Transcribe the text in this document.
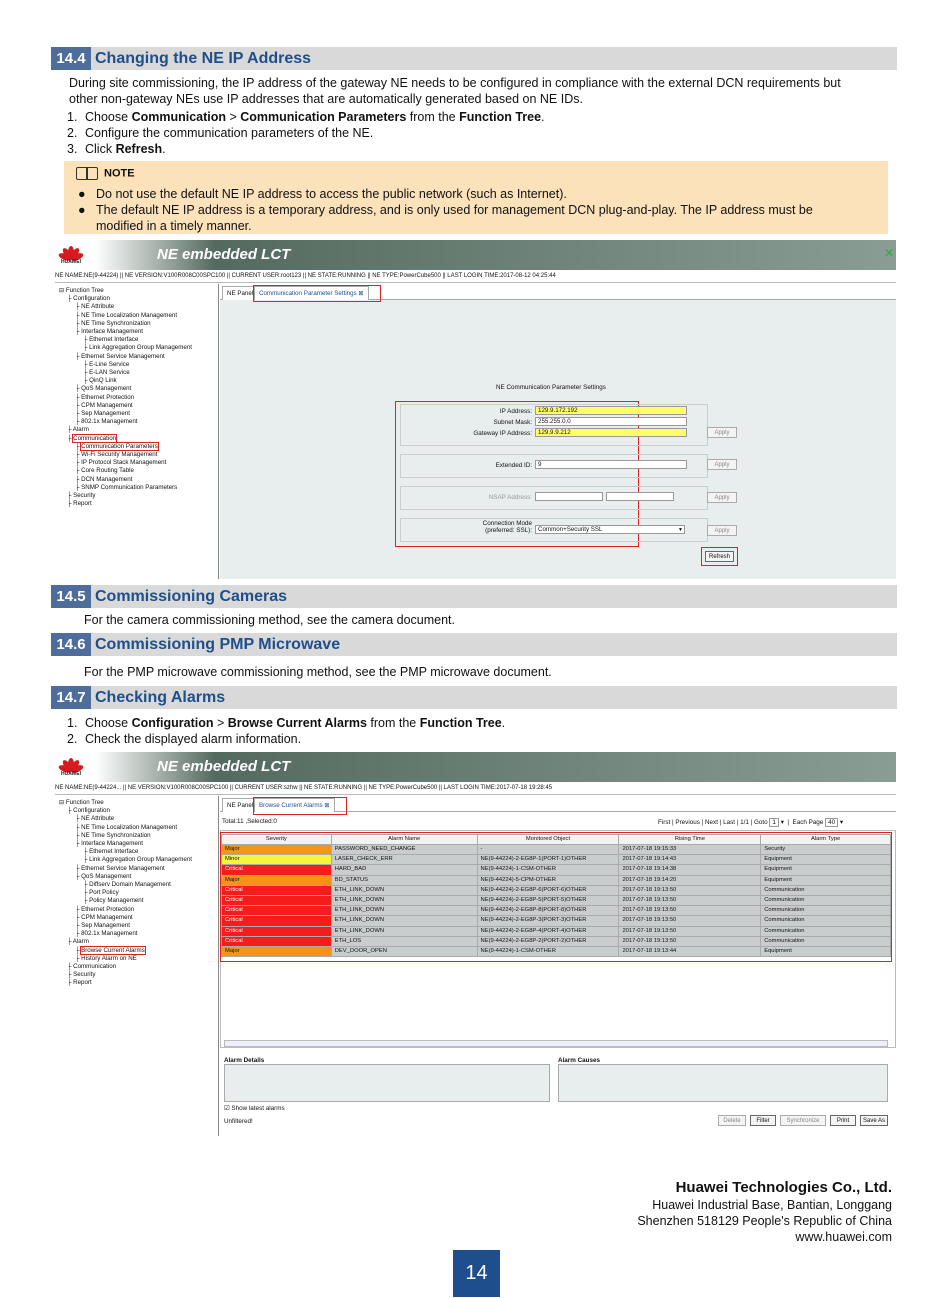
14.4 Changing the NE IP Address
During site commissioning, the IP address of the gateway NE needs to be configured in compliance with the external DCN requirements but
other non-gateway NEs use IP addresses that are automatically generated based on NE IDs.
1. Choose Communication > Communication Parameters from the Function Tree.
2. Configure the communication parameters of the NE.
3. Click Refresh.
NOTE
● Do not use the default NE IP address to access the public network (such as Internet).
● The default NE IP address is a temporary address, and is only used for management DCN plug-and-play. The IP address must be
modified in a timely manner.
HUAWEI	NE embedded LCT	✕
NE NAME:NE(9-44224) || NE VERSION:V100R008C00SPC100 || CURRENT USER:root123 || NE STATE:RUNNING || NE TYPE:PowerCube500 || LAST LOGIN TIME:2017-08-12 04:25:44
⊟ Function Tree
├ Configuration
├ NE Attribute
├ NE Time Localization Management
├ NE Time Synchronization
├ Interface Management
├ Ethernet Interface
├ Link Aggregation Group Management
├ Ethernet Service Management
├ E-Line Service
├ E-LAN Service
├ QinQ Link
├ QoS Management
├ Ethernet Protection
├ CPM Management
├ Sep Management
├ 802.1x Management
├ Alarm
├ Communication
├ Communication Parameters
├ Wi-Fi Security Management
├ IP Protocol Stack Management
├ Core Routing Table
├ DCN Management
├ SNMP Communication Parameters
├ Security
├ Report
NE Panel Communication Parameter Settings ⊠
NE Communication Parameter Settings
IP Address: 129.9.172.192
Subnet Mask: 255.255.0.0
Gateway IP Address: 129.9.9.212	Apply
Extended ID: 9	Apply
NSAP Address:	Apply
Connection Mode
(preferred: SSL): Common+Security SSL	▼	Apply
Refresh
14.5 Commissioning Cameras
For the camera commissioning method, see the camera document.
14.6 Commissioning PMP Microwave
For the PMP microwave commissioning method, see the PMP microwave document.
14.7 Checking Alarms
1. Choose Configuration > Browse Current Alarms from the Function Tree.
2. Check the displayed alarm information.
HUAWEI	NE embedded LCT
NE NAME:NE(9-44224... || NE VERSION:V100R008C00SPC100 || CURRENT USER:szhw || NE STATE:RUNNING || NE TYPE:PowerCube500 || LAST LOGIN TIME:2017-07-18 19:28:45
⊟ Function Tree
├ Configuration
├ NE Attribute
├ NE Time Localization Management
├ NE Time Synchronization
├ Interface Management
├ Ethernet Interface
├ Link Aggregation Group Management
├ Ethernet Service Management
├ QoS Management
├ Diffserv Domain Management
├ Port Policy
├ Policy Management
├ Ethernet Protection
├ CPM Management
├ Sep Management
├ 802.1x Management
├ Alarm
├ Browse Current Alarms
├ History Alarm on NE
├ Communication
├ Security
├ Report
NE Panel Browse Current Alarms ⊠
Total:11 ,Selected:0	First | Previous | Next | Last | 1/1 | Goto 1 ▾  |  Each Page 40 ▾
Severity	Alarm Name	Monitored Object	Rising Time	Alarm Type
Major	PASSWORD_NEED_CHANGE	-	2017-07-18 19:15:33	Security
Minor	LASER_CHECK_ERR	NE(9-44224)-2-EG8P-1(PORT-1)OTHER	2017-07-18 19:14:43	Equipment
Critical	HARD_BAD	NE(9-44224)-1-CSM-OTHER	2017-07-18 19:14:38	Equipment
Major	BD_STATUS	NE(9-44224)-5-CPM-OTHER	2017-07-18 19:14:20	Equipment
Critical	ETH_LINK_DOWN	NE(9-44224)-2-EG8P-6(PORT-6)OTHER	2017-07-18 19:13:50	Communication
Critical	ETH_LINK_DOWN	NE(9-44224)-2-EG8P-5(PORT-5)OTHER	2017-07-18 19:13:50	Communication
Critical	ETH_LINK_DOWN	NE(9-44224)-2-EG8P-8(PORT-8)OTHER	2017-07-18 19:13:50	Communication
Critical	ETH_LINK_DOWN	NE(9-44224)-2-EG8P-3(PORT-3)OTHER	2017-07-18 19:13:50	Communication
Critical	ETH_LINK_DOWN	NE(9-44224)-2-EG8P-4(PORT-4)OTHER	2017-07-18 19:13:50	Communication
Critical	ETH_LOS	NE(9-44224)-2-EG8P-2(PORT-2)OTHER	2017-07-18 19:13:50	Communication
Major	DEV_DOOR_OPEN	NE(9-44224)-1-CSM-OTHER	2017-07-18 19:13:44	Equipment
Alarm Details	Alarm Causes
☑ Show latest alarms
Unfiltered!	Delete	Filter	Synchronize	Print	Save As
Huawei Technologies Co., Ltd.
Huawei Industrial Base, Bantian, Longgang
Shenzhen 518129 People's Republic of China
www.huawei.com
14
